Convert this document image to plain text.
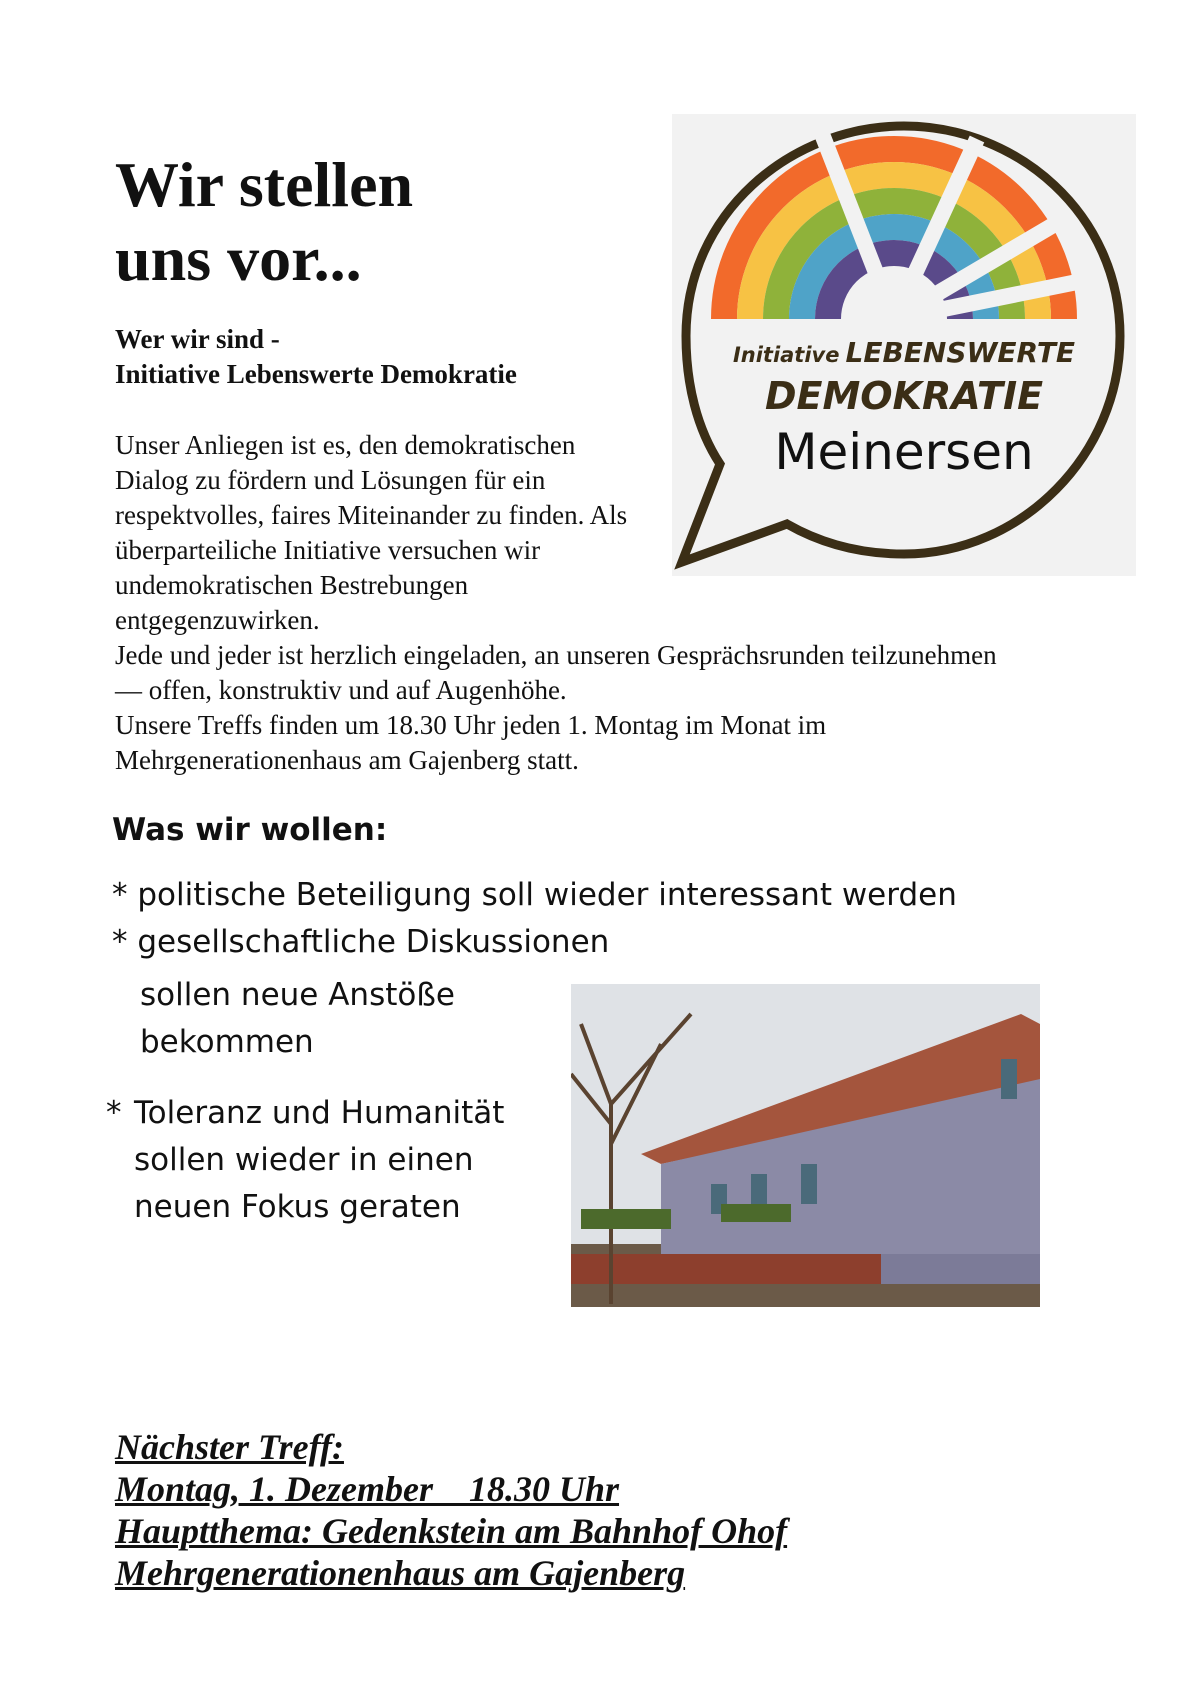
Wir stellen
uns vor...
Wer wir sind -
Initiative Lebenswerte Demokratie
Unser Anliegen ist es, den demokratischen Dialog zu fördern und Lösungen für ein respektvolles, faires Miteinander zu finden. Als überparteiliche Initiative versuchen wir undemokratischen Bestrebungen entgegenzuwirken.
Jede und jeder ist herzlich eingeladen, an unseren Gesprächsrunden teilzunehmen — offen, konstruktiv und auf Augenhöhe.
Unsere Treffs finden um 18.30 Uhr jeden 1. Montag im Monat im Mehrgenerationenhaus am Gajenberg statt.
Was wir wollen:
* politische Beteiligung soll wieder interessant werden
* gesellschaftliche Diskussionen
sollen neue Anstöße bekommen
* Toleranz und Humanität sollen wieder in einen neuen Fokus geraten
Initiative LEBENSWERTE
DEMOKRATIE
Meinersen
Nächster Treff:
Montag, 1. Dezember    18.30 Uhr
Hauptthema: Gedenkstein am Bahnhof Ohof
Mehrgenerationenhaus am Gajenberg
